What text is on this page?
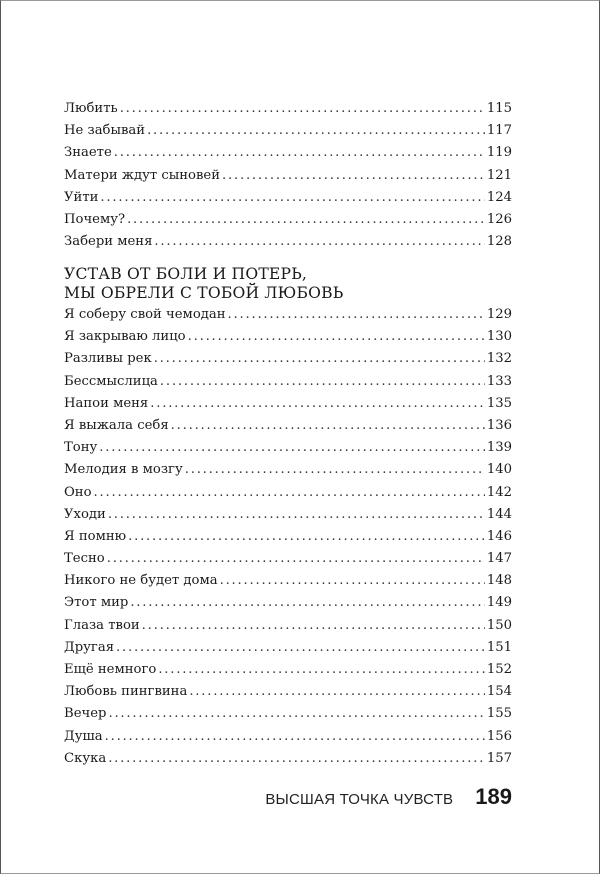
Любить . . .	115
Не забывай . . .	117
Знаете . . .	119
Матери ждут сыновей . . .	121
Уйти . . .	124
Почему? . . .	126
Забери меня . . .	128
УСТАВ ОТ БОЛИ И ПОТЕРЬ,
МЫ ОБРЕЛИ С ТОБОЙ ЛЮБОВЬ
Я соберу свой чемодан . . .	129
Я закрываю лицо . . .	130
Разливы рек . . .	132
Бессмыслица . . .	133
Напои меня . . .	135
Я выжала себя . . .	136
Тону . . .	139
Мелодия в мозгу . . .	140
Оно . . .	142
Уходи . . .	144
Я помню . . .	146
Тесно . . .	147
Никого не будет дома . . .	148
Этот мир . . .	149
Глаза твои . . .	150
Другая . . .	151
Ещё немного . . .	152
Любовь пингвина . . .	154
Вечер . . .	155
Душа . . .	156
Скука . . .	157
ВЫСШАЯ ТОЧКА ЧУВСТВ 189
